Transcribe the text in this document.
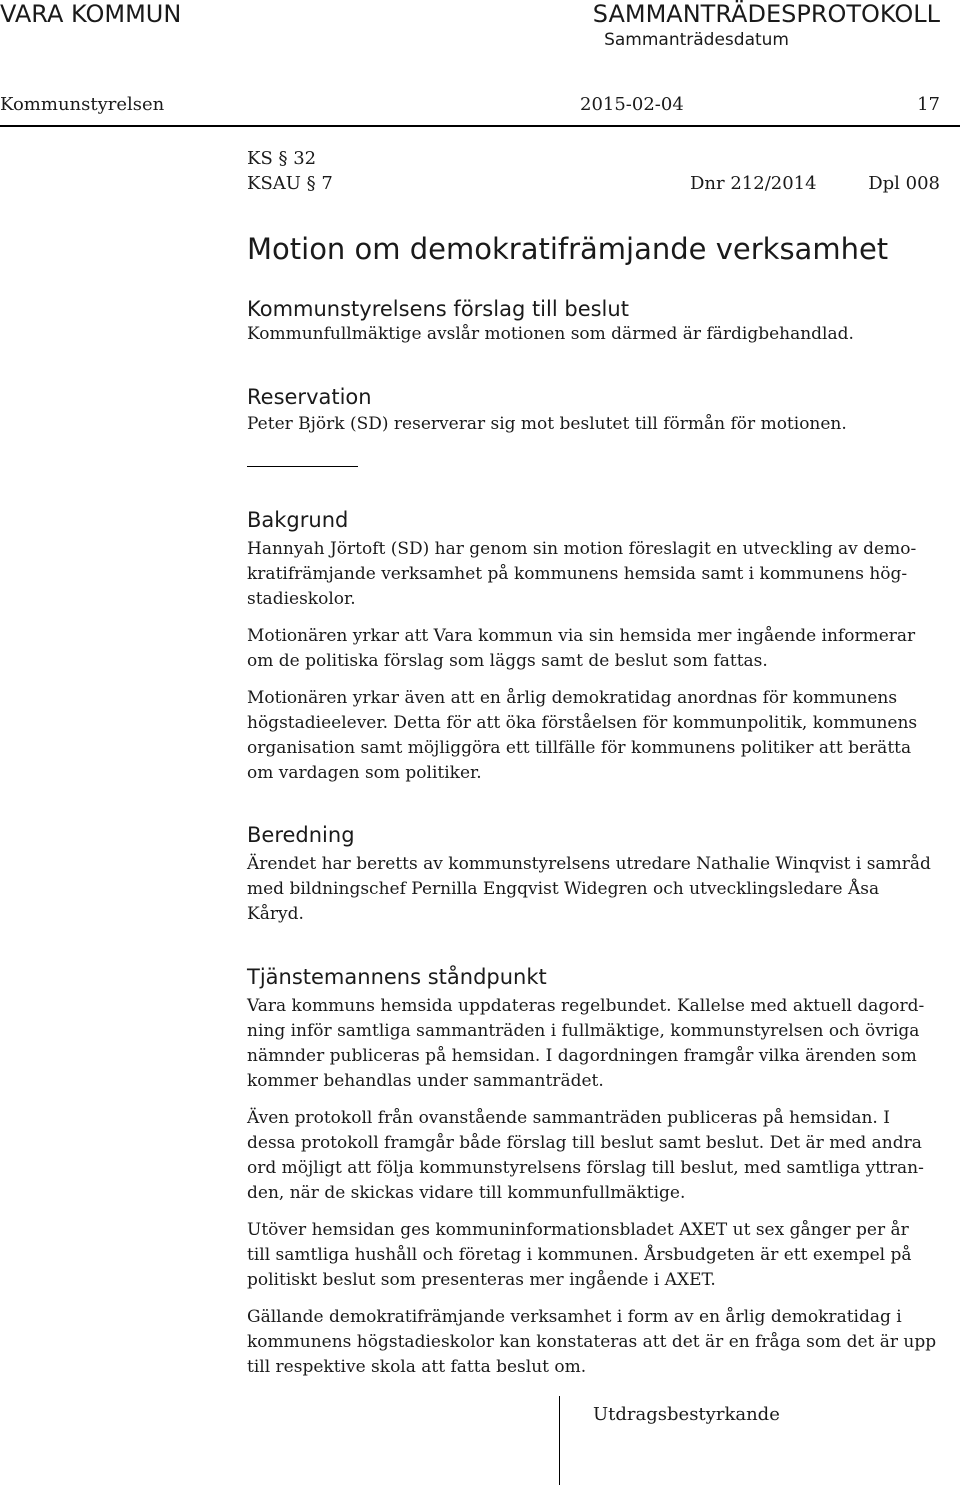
VARA KOMMUN	SAMMANTRÄDESPROTOKOLL
Sammanträdesdatum
Kommunstyrelsen	2015-02-04	17
KS § 32
KSAU § 7	Dnr 212/2014	Dpl 008
Motion om demokratifrämjande verksamhet
Kommunstyrelsens förslag till beslut
Kommunfullmäktige avslår motionen som därmed är färdigbehandlad.
Reservation
Peter Björk (SD) reserverar sig mot beslutet till förmån för motionen.
Bakgrund
Hannyah Jörtoft (SD) har genom sin motion föreslagit en utveckling av demo-
kratifrämjande verksamhet på kommunens hemsida samt i kommunens hög-
stadieskolor.
Motionären yrkar att Vara kommun via sin hemsida mer ingående informerar
om de politiska förslag som läggs samt de beslut som fattas.
Motionären yrkar även att en årlig demokratidag anordnas för kommunens
högstadieelever. Detta för att öka förståelsen för kommunpolitik, kommunens
organisation samt möjliggöra ett tillfälle för kommunens politiker att berätta
om vardagen som politiker.
Beredning
Ärendet har beretts av kommunstyrelsens utredare Nathalie Winqvist i samråd
med bildningschef Pernilla Engqvist Widegren och utvecklingsledare Åsa
Kåryd.
Tjänstemannens ståndpunkt
Vara kommuns hemsida uppdateras regelbundet. Kallelse med aktuell dagord-
ning inför samtliga sammanträden i fullmäktige, kommunstyrelsen och övriga
nämnder publiceras på hemsidan. I dagordningen framgår vilka ärenden som
kommer behandlas under sammanträdet.
Även protokoll från ovanstående sammanträden publiceras på hemsidan. I
dessa protokoll framgår både förslag till beslut samt beslut. Det är med andra
ord möjligt att följa kommunstyrelsens förslag till beslut, med samtliga yttran-
den, när de skickas vidare till kommunfullmäktige.
Utöver hemsidan ges kommuninformationsbladet AXET ut sex gånger per år
till samtliga hushåll och företag i kommunen. Årsbudgeten är ett exempel på
politiskt beslut som presenteras mer ingående i AXET.
Gällande demokratifrämjande verksamhet i form av en årlig demokratidag i
kommunens högstadieskolor kan konstateras att det är en fråga som det är upp
till respektive skola att fatta beslut om.
Utdragsbestyrkande
